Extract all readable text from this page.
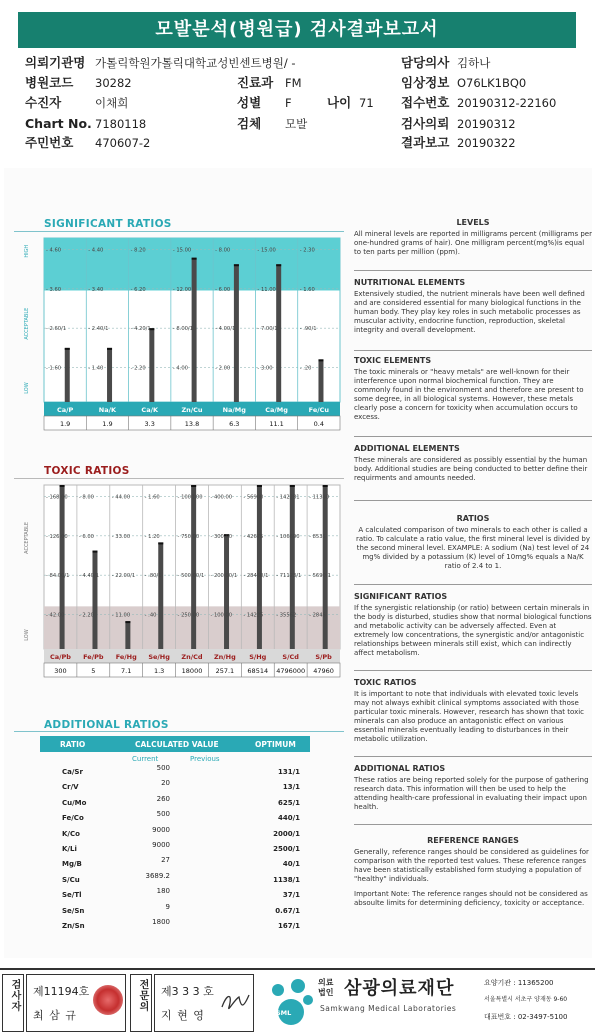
모발분석(병원급) 검사결과보고서
의뢰기관명 가톨릭학원가톨릭대학교성빈센트병원/ -
병원코드 30282
수진자	이채희
Chart No. 7180118
주민번호 470607-2
진료과 FM
성별 F
검체 모발
나이 71
담당의사 김하나
임상정보 O76LK1BQ0
접수번호 20190312-22160
검사의뢰 20190312
결과보고 20190322
SIGNIFICANT RATIOS
- 4.60
- 3.60
- 2.60/1
- 1.60
- 4.40
- 3.40
- 2.40/1
- 1.40
- 8.20
- 6.20
- 4.20/1
- 2.20
- 15.00
- 12.00
- 8.00/1
- 4.00
- 8.00
- 6.00
- 4.00/1
- 2.00
- 15.00
- 11.00
- 7.00/1
- 3.00
- 2.30
- 1.60
- .90/1
- .20
HIGH
ACCEPTABLE
LOW
Ca/P	Na/K	Ca/K	Zn/Cu	Na/Mg	Ca/Mg	Fe/Cu
1.9	1.9	3.3	13.8	6.3	11.1	0.4
TOXIC RATIOS
- 168.00
- 126.00
- 84.00/1
- 42.00
- 8.00
- 6.00
- 4.40/1
- 2.20
- 44.00
- 33.00
- 22.00/1
- 11.00
- 1.60
- 1.20
- .80/1
- .40
- 1000.00
- 750.00
- 500.00/1
- 250.00
- 400.00
- 300.00
- 200.00/1
- 100.00
- 56900
- 42675
- 28450/1
- 14225
- 142281
- 106690
- 71123/1
- 35562
- 11380
- 8535
- 5690/1
- 2845
ACCEPTABLE
LOW
Ca/Pb Fe/Pb Fe/Hg Se/Hg Zn/Cd Zn/Hg S/Hg S/Cd	S/Pb
300	5	7.1	1.3	18000 257.1 68514 4796000 47960
ADDITIONAL RATIOS
RATIO	CALCULATED VALUE	OPTIMUM
Current	Previous
Ca/Sr	500	131/1
Cr/V	20	13/1
Cu/Mo	260	625/1
Fe/Co	500	440/1
K/Co	9000	2000/1
K/Li	9000	2500/1
Mg/B	27	40/1
S/Cu	3689.2	1138/1
Se/Tl	180	37/1
Se/Sn	9	0.67/1
Zn/Sn	1800	167/1
LEVELS
All mineral levels are reported in milligrams percent (milligrams per one-hundred grams of hair). One milligram percent(mg%)is equal to ten parts per million (ppm).
NUTRITIONAL ELEMENTS
Extensively studied, the nutrient minerals have been well defined and are considered essential for many biological functions in the human body. They play key roles in such metabolic processes as muscular activity, endocrine function, reproduction, skeletal integrity and overall development.
TOXIC ELEMENTS
The toxic minerals or "heavy metals" are well-known for their interference upon normal biochemical function. They are commonly found in the environment and therefore are present to some degree, in all biological systems. However, these metals clearly pose a concern for toxicity when accumulation occurs to excess.
ADDITIONAL ELEMENTS
These minerals are considered as possibly essential by the human body. Additional studies are being conducted to better define their requirments and amounts needed.
RATIOS
A calculated comparison of two minerals to each other is called a ratio. To calculate a ratio value, the first mineral level is divided by the second mineral level. EXAMPLE: A sodium (Na) test level of 24 mg% divided by a potassium (K) level of 10mg% equals a Na/K ratio of 2.4 to 1.
SIGNIFICANT RATIOS
If the synergistic relationship (or ratio) between certain minerals in the body is disturbed, studies show that normal biological functions and metabolic activity can be adversely affected. Even at extremely low concentrations, the synergistic and/or antagonistic relationships between minerals still exist, which can indirectly affect metabolism.
TOXIC RATIOS
It is important to note that individuals with elevated toxic levels may not always exhibit clinical symptoms associated with those particular toxic minerals. However, research has shown that toxic minerals can also produce an antagonistic effect on various essential minerals eventually leading to disturbances in their metabolic utilization.
ADDITIONAL RATIOS
These ratios are being reported solely for the purpose of gathering research data. This information will then be used to help the attending health-care professional in evaluating their impact upon health.
REFERENCE RANGES
Generally, reference ranges should be considered as guidelines for comparison with the reported test values. These reference ranges have been statistically established form studying a population of "healthy" individuals.
Important Note: The reference ranges should not be considered as absoulte limits for determining deficiency, toxicity or acceptance.
검사자 제11194호
최 삼 규
전문의 제3 3 3 호
지 현 영	SML
의료법인 삼광의료재단
Samkwang Medical Laboratories
요양기관 : 11365200
서울특별시 서초구 양재동 9-60
대표번호 : 02-3497-5100
